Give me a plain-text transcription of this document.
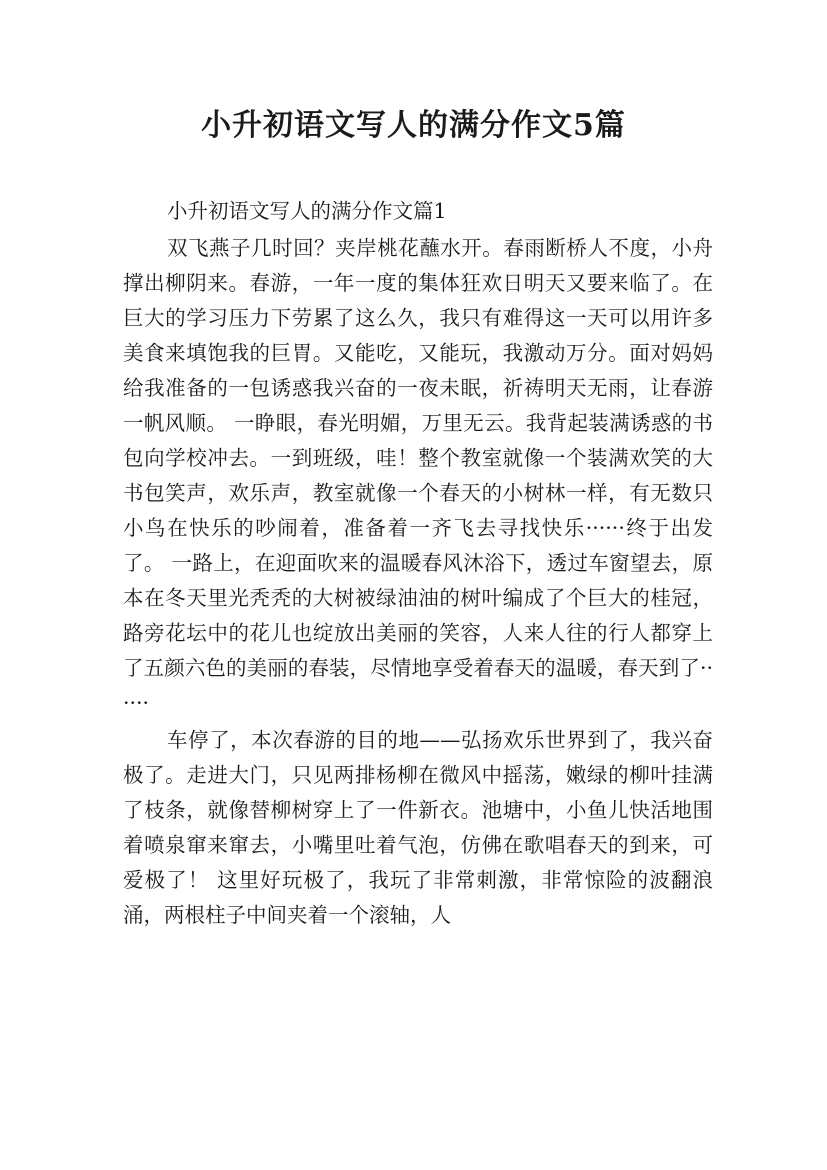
小升初语文写人的满分作文5篇
小升初语文写人的满分作文篇1

双飞燕子几时回？夹岸桃花蘸水开。春雨断桥人不度，小舟撑出柳阴来。春游，一年一度的集体狂欢日明天又要来临了。在巨大的学习压力下劳累了这么久，我只有难得这一天可以用许多美食来填饱我的巨胃。又能吃，又能玩，我激动万分。面对妈妈给我准备的一包诱惑我兴奋的一夜未眠，祈祷明天无雨，让春游一帆风顺。 一睁眼，春光明媚，万里无云。我背起装满诱惑的书包向学校冲去。一到班级，哇！整个教室就像一个装满欢笑的大书包笑声，欢乐声，教室就像一个春天的小树林一样，有无数只小鸟在快乐的吵闹着，准备着一齐飞去寻找快乐······终于出发了。 一路上，在迎面吹来的温暖春风沐浴下，透过车窗望去，原本在冬天里光秃秃的大树被绿油油的树叶编成了个巨大的桂冠，路旁花坛中的花儿也绽放出美丽的笑容，人来人往的行人都穿上了五颜六色的美丽的春装，尽情地享受着春天的温暖，春天到了······

车停了，本次春游的目的地——弘扬欢乐世界到了，我兴奋极了。走进大门，只见两排杨柳在微风中摇荡，嫩绿的柳叶挂满了枝条，就像替柳树穿上了一件新衣。池塘中，小鱼儿快活地围着喷泉窜来窜去，小嘴里吐着气泡，仿佛在歌唱春天的到来，可爱极了！ 这里好玩极了，我玩了非常刺激，非常惊险的波翻浪涌，两根柱子中间夹着一个滚轴，人
